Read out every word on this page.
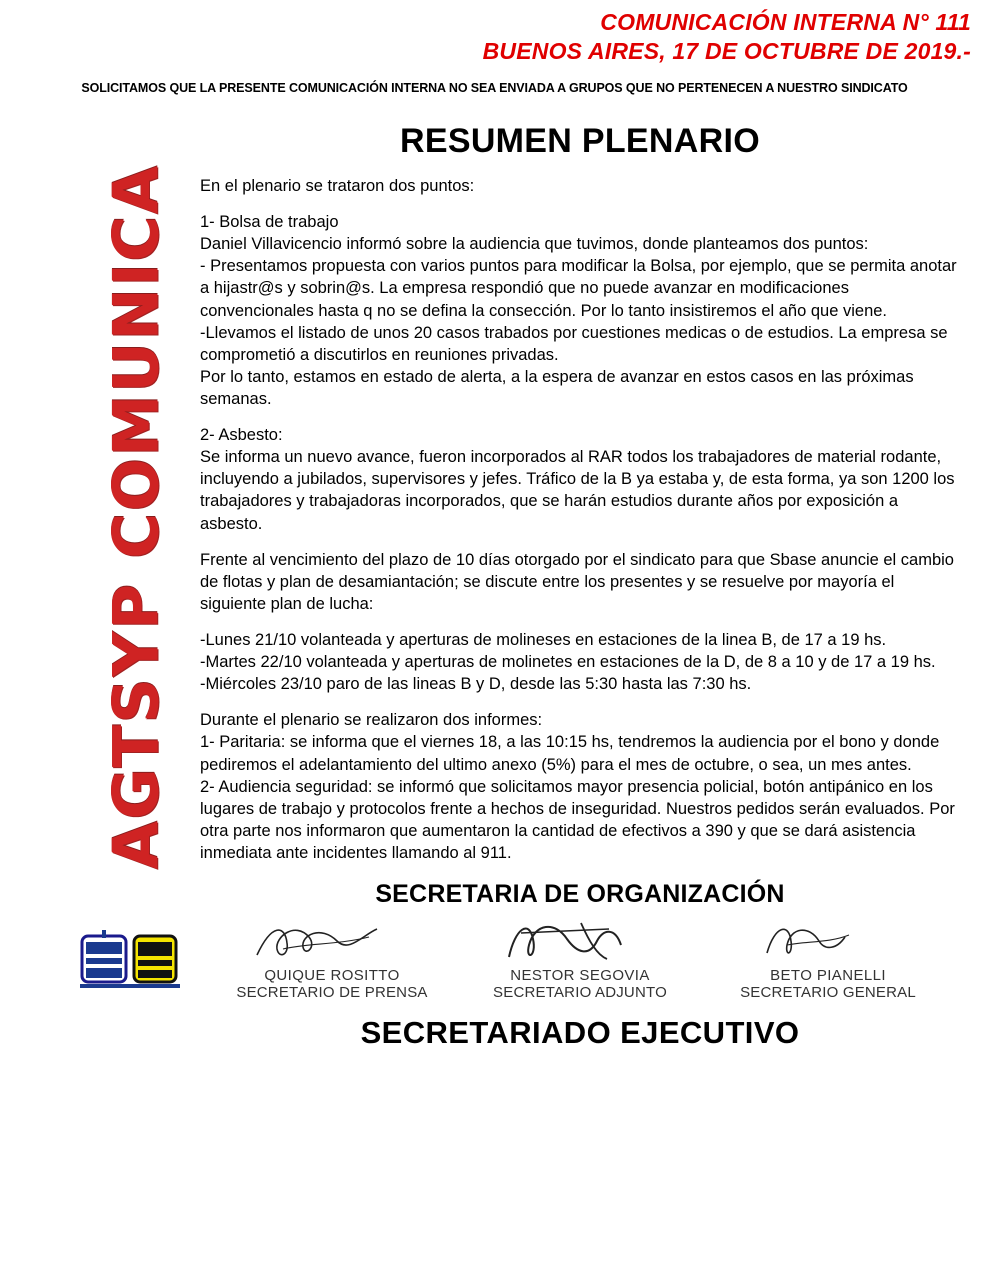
COMUNICACIÓN INTERNA N° 111
BUENOS AIRES, 17 DE OCTUBRE DE 2019.-
SOLICITAMOS QUE LA PRESENTE COMUNICACIÓN INTERNA NO SEA ENVIADA A GRUPOS QUE NO PERTENECEN A NUESTRO SINDICATO
AGTSYP COMUNICA
RESUMEN PLENARIO

En el plenario se trataron dos puntos:

1- Bolsa de trabajo

Daniel Villavicencio informó sobre la audiencia que tuvimos, donde planteamos dos puntos:

- Presentamos propuesta con varios puntos para modificar la Bolsa, por ejemplo, que se permita anotar a hijastr@s y sobrin@s. La empresa respondió que no puede avanzar en modificaciones convencionales hasta q no se defina la consección. Por lo tanto insistiremos el año que viene.

-Llevamos el listado de unos 20 casos trabados por cuestiones medicas o de estudios. La empresa se comprometió a discutirlos en reuniones privadas.

Por lo tanto, estamos en estado de alerta, a la espera de avanzar en estos casos en las próximas semanas.

2- Asbesto:

Se informa un nuevo avance, fueron incorporados al RAR todos los trabajadores de material rodante, incluyendo a jubilados, supervisores y jefes. Tráfico de la B ya estaba y, de esta forma, ya son 1200 los trabajadores y trabajadoras incorporados, que se harán estudios durante años por exposición a asbesto.

Frente al vencimiento del plazo de 10 días otorgado por el sindicato para que Sbase anuncie el cambio de flotas y plan de desamiantación; se discute entre los presentes y se resuelve por mayoría el siguiente plan de lucha:

-Lunes 21/10 volanteada y aperturas de molineses en estaciones de la linea B, de 17 a 19 hs.

-Martes 22/10 volanteada y aperturas de molinetes en estaciones de la D, de 8 a 10 y de 17 a 19 hs.

-Miércoles 23/10 paro de las lineas B y D, desde las 5:30 hasta las 7:30 hs.

Durante el plenario se realizaron dos informes:

1- Paritaria: se informa que el viernes 18, a las 10:15 hs, tendremos la audiencia por el bono y donde pediremos el adelantamiento del ultimo anexo (5%) para el mes de octubre, o sea, un mes antes.

2- Audiencia seguridad: se informó que solicitamos mayor presencia policial, botón antipánico en los lugares de trabajo y protocolos frente a hechos de inseguridad. Nuestros pedidos serán evaluados. Por otra parte nos informaron que aumentaron la cantidad de efectivos a 390 y que se dará asistencia inmediata ante incidentes llamando al 911.

SECRETARIA DE ORGANIZACIÓN
QUIQUE ROSITTO
SECRETARIO DE PRENSA
NESTOR SEGOVIA
SECRETARIO ADJUNTO
BETO PIANELLI
SECRETARIO GENERAL
SECRETARIADO EJECUTIVO
